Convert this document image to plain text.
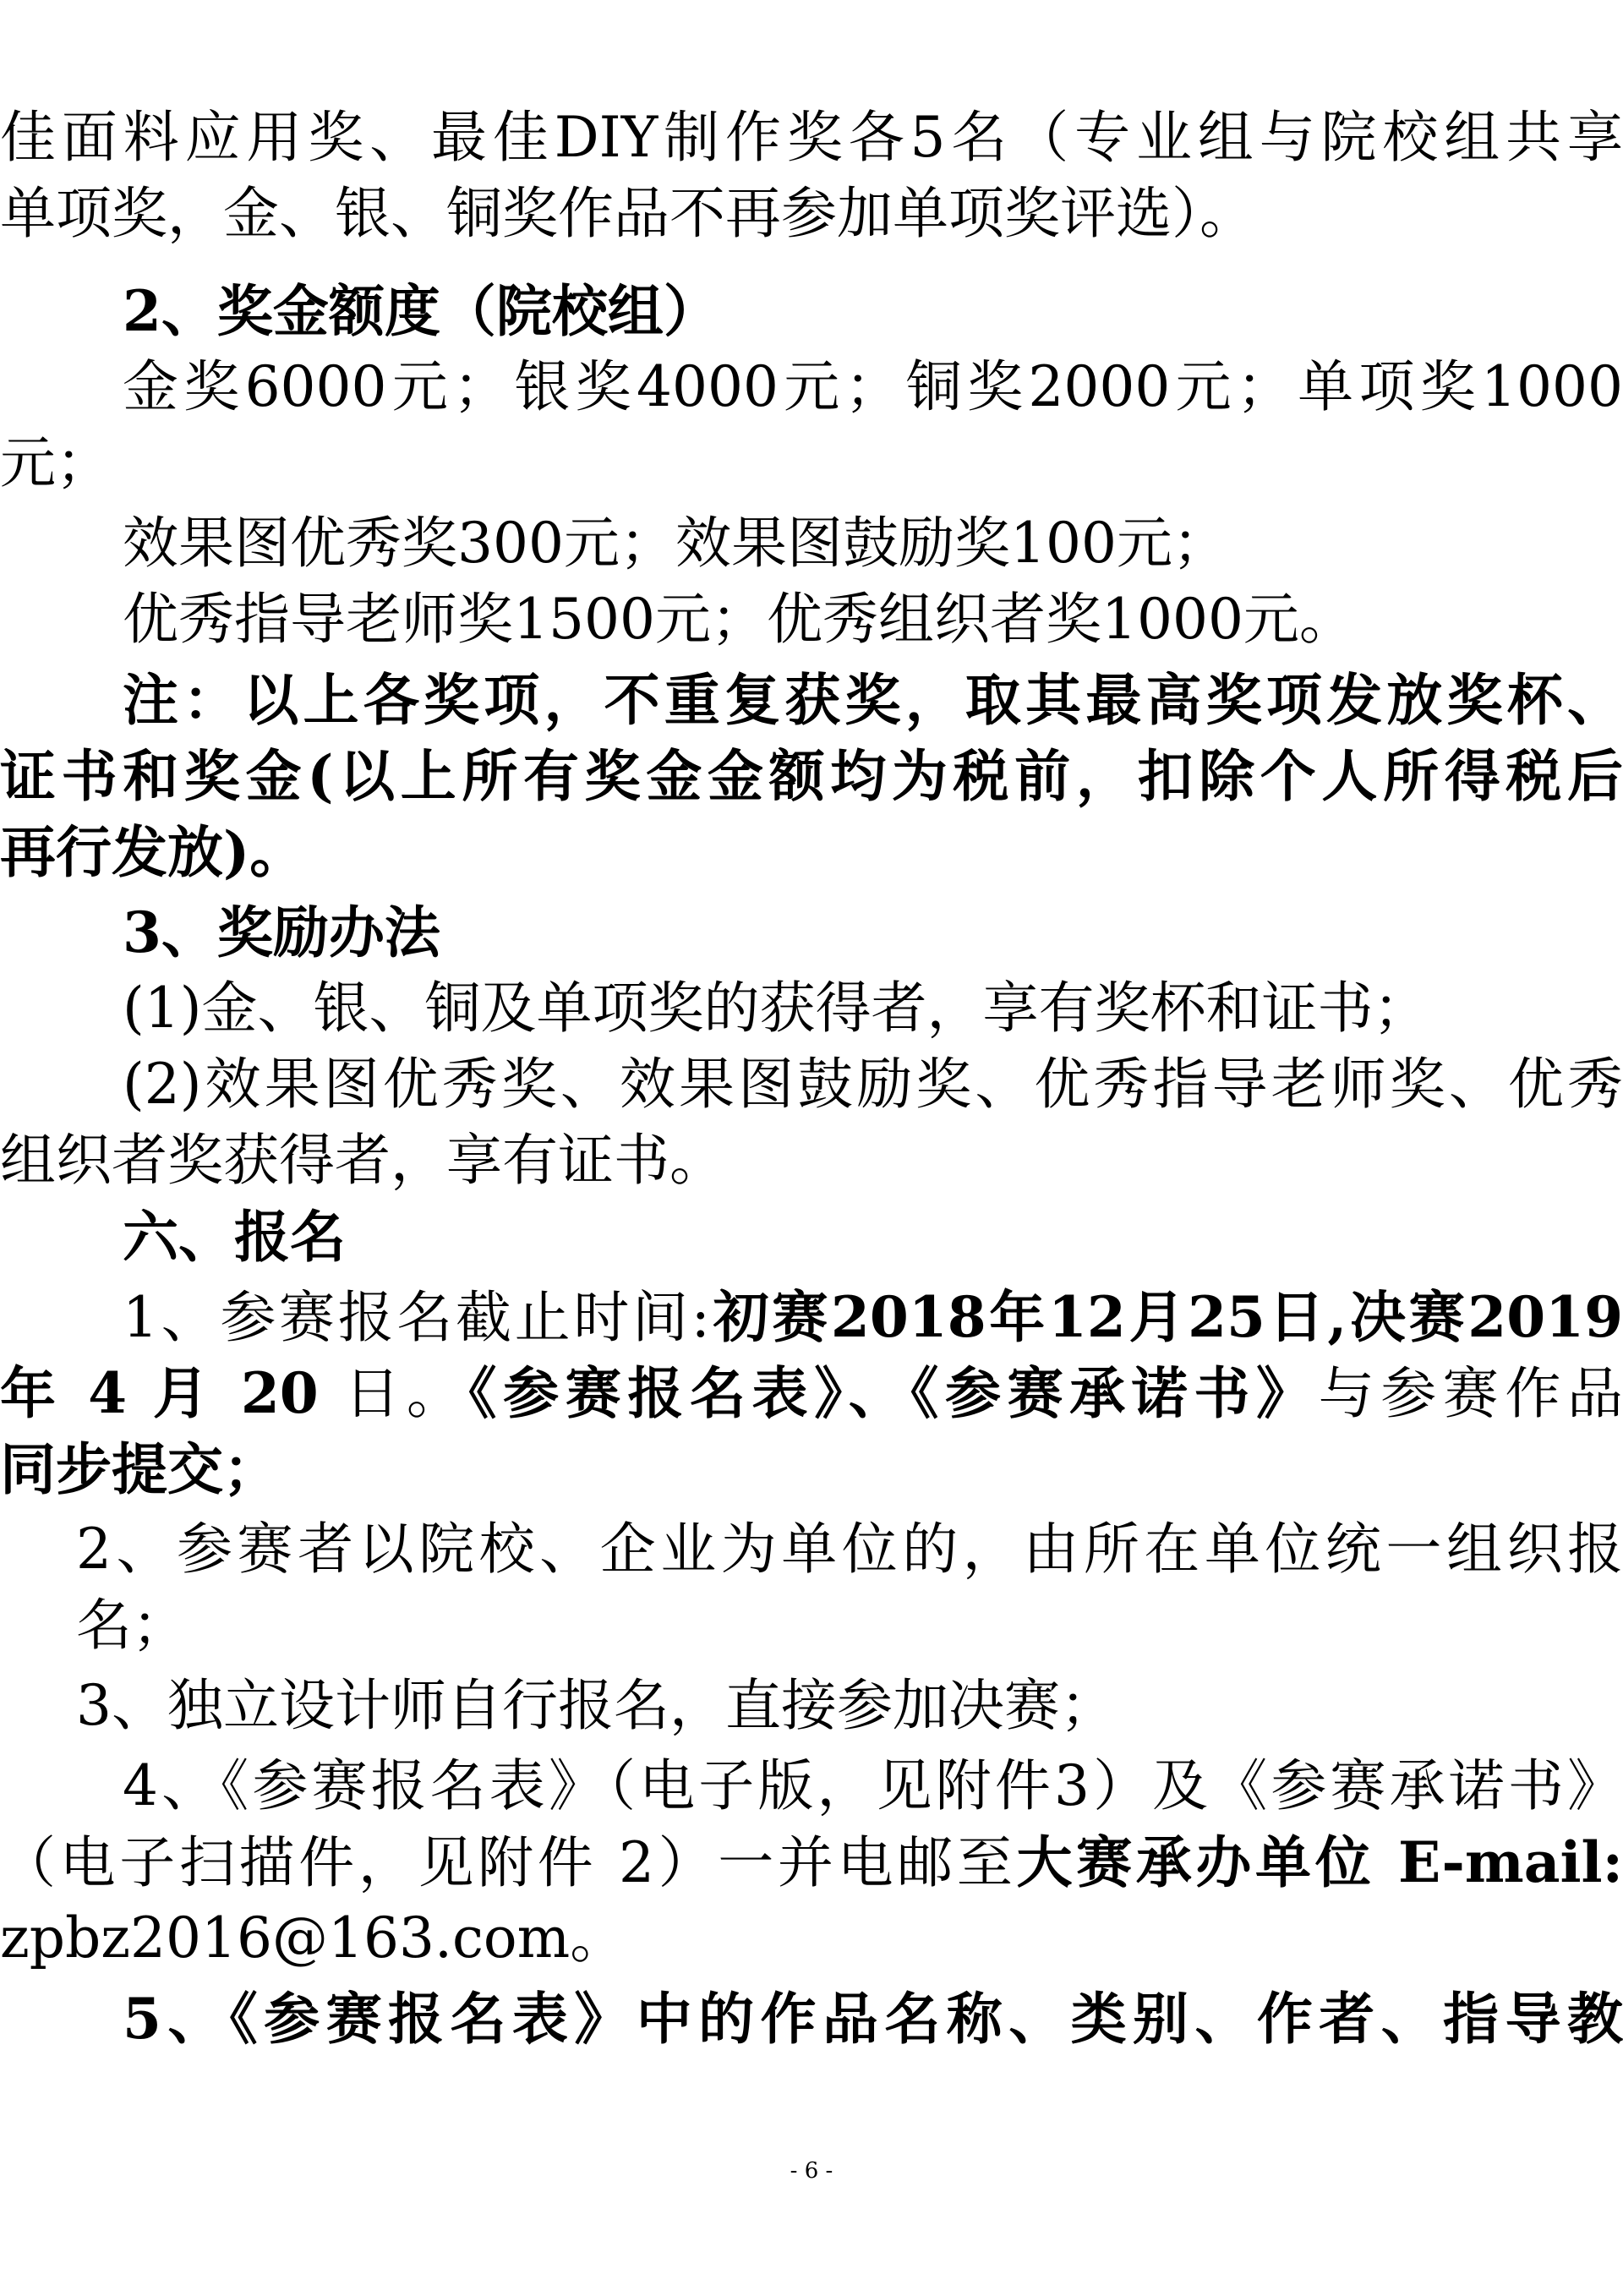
佳面料应用奖、最佳DIY制作奖各5名（专业组与院校组共享
单项奖，金、银、铜奖作品不再参加单项奖评选）。
2、奖金额度（院校组）
金奖6000元；银奖4000元；铜奖2000元；单项奖1000
元；
效果图优秀奖300元；效果图鼓励奖100元；
优秀指导老师奖1500元；优秀组织者奖1000元。
注：以上各奖项，不重复获奖，取其最高奖项发放奖杯、
证书和奖金(以上所有奖金金额均为税前，扣除个人所得税后
再行发放)。
3、奖励办法
(1)金、银、铜及单项奖的获得者，享有奖杯和证书；
(2)效果图优秀奖、效果图鼓励奖、优秀指导老师奖、优秀
组织者奖获得者，享有证书。
六、报名
1、参赛报名截止时间:初赛2018年12月25日,决赛2019
年 4 月 20 日。《参赛报名表》、《参赛承诺书》与参赛作品
同步提交；
2、参赛者以院校、企业为单位的，由所在单位统一组织报
名；
3、独立设计师自行报名，直接参加决赛；
4、《参赛报名表》（电子版，见附件3）及《参赛承诺书》
（电子扫描件，见附件 2）一并电邮至大赛承办单位 E-mail:
zpbz2016@163.com。
5、《参赛报名表》中的作品名称、类别、作者、指导教
- 6 -
